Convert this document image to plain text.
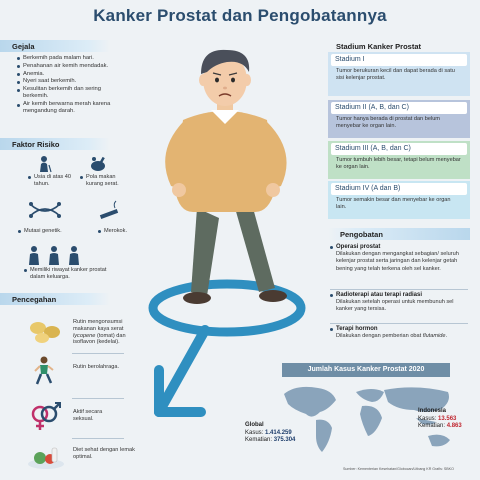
Kanker Prostat dan Pengobatannya
Gejala
Berkemih pada malam hari.
Penahanan air kemih mendadak.
Anemia.
Nyeri saat berkemih.
Kesulitan berkemih dan sering berkemih.
Air kemih berwarna merah karena mengandung darah.
Faktor Risiko
Usia di atas 40 tahun.
Pola makan kurang serat.
Mutasi genetik.	Merokok.
Memiliki riwayat kanker prostat dalam keluarga.
Pencegahan
Rutin mengonsumsi makanan kaya serat lycopene (tomat) dan isoflavon (kedelai).
Rutin berolahraga.
Aktif secara seksual.
Diet sehat dengan lemak optimal.
Stadium Kanker Prostat
Stadium I
Tumor berukuran kecil dan dapat berada di satu sisi kelenjar prostat.
Stadium II (A, B, dan C)
Tumor hanya berada di prostat dan belum menyebar ke organ lain.
Stadium III (A, B, dan C)
Tumor tumbuh lebih besar, tetapi belum menyebar ke organ lain.
Stadium IV (A dan B)
Tumor semakin besar dan menyebar ke organ lain.
Pengobatan
Operasi prostat
Dilakukan dengan mengangkat sebagian/ seluruh kelenjar prostat serta jaringan dan kelenjar getah bening yang telah terkena oleh sel kanker.
Radioterapi atau terapi radiasi
Dilakukan setelah operasi untuk membunuh sel kanker yang tersisa.
Terapi hormon
Dilakukan dengan pemberian obat flutamide.
Jumlah Kasus Kanker Prostat 2020
Global
Kasus: 1.414.259
Kematian: 375.304
Indonesia
Kasus: 13.563
Kematian: 4.863
Sumber: Kementerian Kesehatan/Globocan/Litbang KR Grafis: SBKO
